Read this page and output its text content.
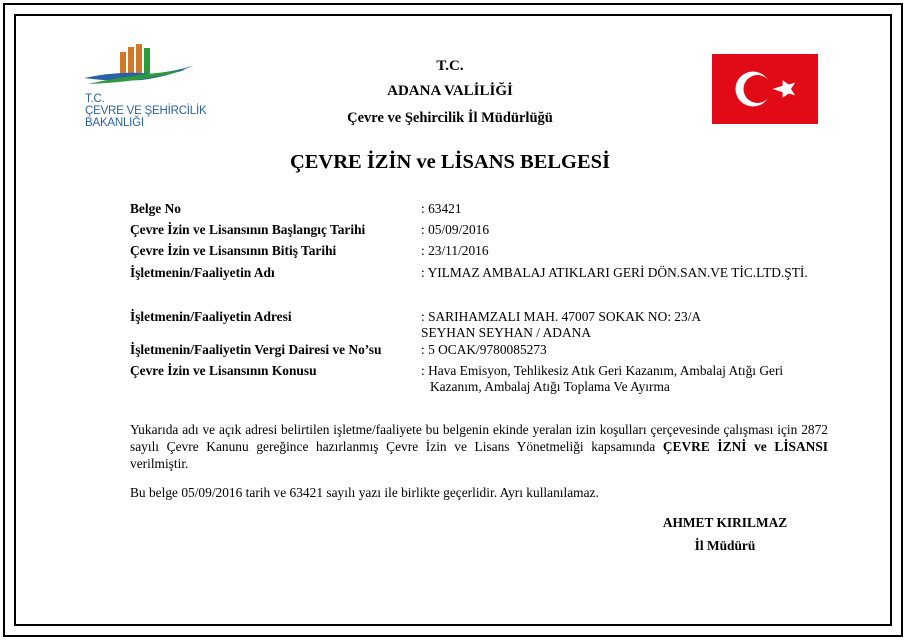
T.C.
ÇEVRE VE ŞEHİRCİLİK
BAKANLIĞI
T.C.
ADANA VALİLİĞİ
Çevre ve Şehircilik İl Müdürlüğü
ÇEVRE İZİN ve LİSANS BELGESİ
Belge No	: 63421
Çevre İzin ve Lisansının Başlangıç Tarihi	: 05/09/2016
Çevre İzin ve Lisansının Bitiş Tarihi	: 23/11/2016
İşletmenin/Faaliyetin Adı	: YILMAZ AMBALAJ ATIKLARI GERİ DÖN.SAN.VE TİC.LTD.ŞTİ.
İşletmenin/Faaliyetin Adresi	: SARIHAMZALI MAH. 47007 SOKAK NO: 23/A
SEYHAN SEYHAN / ADANA
İşletmenin/Faaliyetin Vergi Dairesi ve No’su	: 5 OCAK/9780085273
Çevre İzin ve Lisansının Konusu	: Hava Emisyon, Tehlikesiz Atık Geri Kazanım, Ambalaj Atığı Geri
Kazanım, Ambalaj Atığı Toplama Ve Ayırma
Yukarıda adı ve açık adresi belirtilen işletme/faaliyete bu belgenin ekinde yeralan izin koşulları çerçevesinde çalışması için 2872 sayılı Çevre Kanunu gereğince hazırlanmış Çevre İzin ve Lisans Yönetmeliği kapsamında ÇEVRE İZNİ ve LİSANSI verilmiştir.
Bu belge 05/09/2016 tarih ve 63421 sayılı yazı ile birlikte geçerlidir. Ayrı kullanılamaz.
AHMET KIRILMAZ
İl Müdürü
